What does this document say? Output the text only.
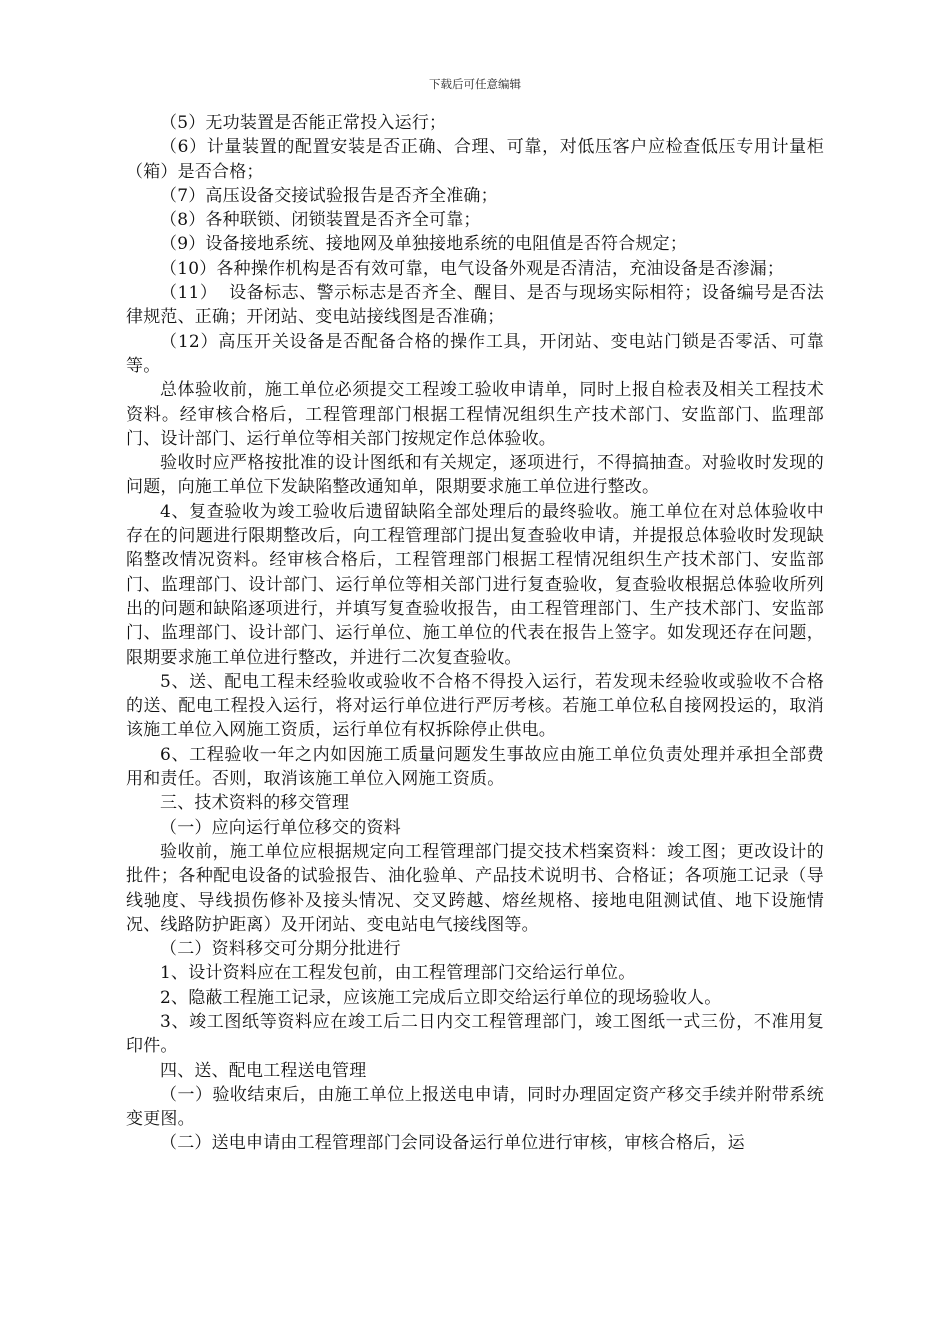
下载后可任意编辑

（5）无功装置是否能正常投入运行；

（6）计量装置的配置安装是否正确、合理、可靠，对低压客户应检查低压专用计量柜（箱）是否合格；

（7）高压设备交接试验报告是否齐全准确；

（8）各种联锁、闭锁装置是否齐全可靠；

（9）设备接地系统、接地网及单独接地系统的电阻值是否符合规定；

（10）各种操作机构是否有效可靠，电气设备外观是否清洁，充油设备是否渗漏；

（11）  设备标志、警示标志是否齐全、醒目、是否与现场实际相符；设备编号是否法律规范、正确；开闭站、变电站接线图是否准确；

（12）高压开关设备是否配备合格的操作工具，开闭站、变电站门锁是否零活、可靠等。

总体验收前，施工单位必须提交工程竣工验收申请单，同时上报自检表及相关工程技术资料。经审核合格后，工程管理部门根据工程情况组织生产技术部门、安监部门、监理部门、设计部门、运行单位等相关部门按规定作总体验收。

验收时应严格按批准的设计图纸和有关规定，逐项进行，不得搞抽查。对验收时发现的问题，向施工单位下发缺陷整改通知单，限期要求施工单位进行整改。

4、复查验收为竣工验收后遗留缺陷全部处理后的最终验收。施工单位在对总体验收中存在的问题进行限期整改后，向工程管理部门提出复查验收申请，并提报总体验收时发现缺陷整改情况资料。经审核合格后，工程管理部门根据工程情况组织生产技术部门、安监部门、监理部门、设计部门、运行单位等相关部门进行复查验收，复查验收根据总体验收所列出的问题和缺陷逐项进行，并填写复查验收报告，由工程管理部门、生产技术部门、安监部门、监理部门、设计部门、运行单位、施工单位的代表在报告上签字。如发现还存在问题，限期要求施工单位进行整改，并进行二次复查验收。

5、送、配电工程未经验收或验收不合格不得投入运行，若发现未经验收或验收不合格的送、配电工程投入运行，将对运行单位进行严厉考核。若施工单位私自接网投运的，取消该施工单位入网施工资质，运行单位有权拆除停止供电。

6、工程验收一年之内如因施工质量问题发生事故应由施工单位负责处理并承担全部费用和责任。否则，取消该施工单位入网施工资质。

三、技术资料的移交管理

（一）应向运行单位移交的资料

验收前，施工单位应根据规定向工程管理部门提交技术档案资料：竣工图；更改设计的批件；各种配电设备的试验报告、油化验单、产品技术说明书、合格证；各项施工记录（导线驰度、导线损伤修补及接头情况、交叉跨越、熔丝规格、接地电阻测试值、地下设施情况、线路防护距离）及开闭站、变电站电气接线图等。

（二）资料移交可分期分批进行

1、设计资料应在工程发包前，由工程管理部门交给运行单位。

2、隐蔽工程施工记录，应该施工完成后立即交给运行单位的现场验收人。

3、竣工图纸等资料应在竣工后二日内交工程管理部门，竣工图纸一式三份，不准用复印件。

四、送、配电工程送电管理

（一）验收结束后，由施工单位上报送电申请，同时办理固定资产移交手续并附带系统变更图。

（二）送电申请由工程管理部门会同设备运行单位进行审核，审核合格后，运
